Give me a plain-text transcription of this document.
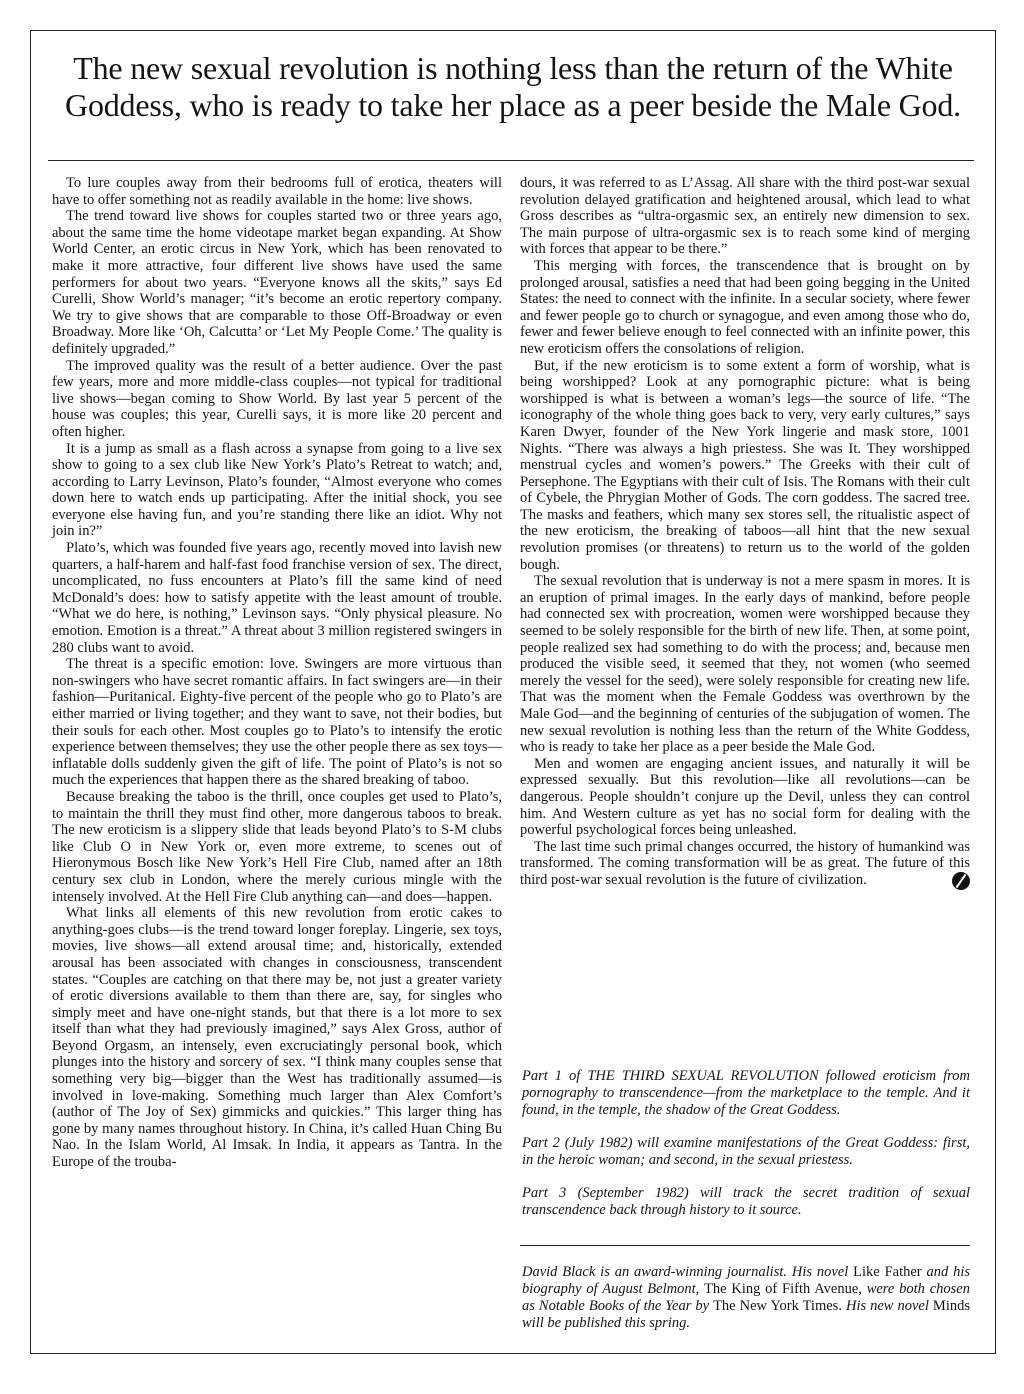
The new sexual revolution is nothing less than the return of the White Goddess, who is ready to take her place as a peer beside the Male God.

To lure couples away from their bedrooms full of erotica, theaters will have to offer something not as readily available in the home: live shows.

The trend toward live shows for couples started two or three years ago, about the same time the home videotape market began expanding. At Show World Center, an erotic circus in New York, which has been renovated to make it more attractive, four different live shows have used the same performers for about two years. “Everyone knows all the skits,” says Ed Curelli, Show World’s manager; “it’s become an erotic repertory company. We try to give shows that are comparable to those Off-Broadway or even Broadway. More like ‘Oh, Calcutta’ or ‘Let My People Come.’ The quality is definitely upgraded.”

The improved quality was the result of a better audience. Over the past few years, more and more middle-class couples—not typical for traditional live shows—began coming to Show World. By last year 5 percent of the house was couples; this year, Curelli says, it is more like 20 percent and often higher.

It is a jump as small as a flash across a synapse from going to a live sex show to going to a sex club like New York’s Plato’s Retreat to watch; and, according to Larry Levinson, Plato’s founder, “Almost everyone who comes down here to watch ends up participating. After the initial shock, you see everyone else having fun, and you’re standing there like an idiot. Why not join in?”

Plato’s, which was founded five years ago, recently moved into lavish new quarters, a half-harem and half-fast food franchise version of sex. The direct, uncomplicated, no fuss encounters at Plato’s fill the same kind of need McDonald’s does: how to satisfy appetite with the least amount of trouble. “What we do here, is nothing,” Levinson says. “Only physical pleasure. No emotion. Emotion is a threat.” A threat about 3 million registered swingers in 280 clubs want to avoid.

The threat is a specific emotion: love. Swingers are more virtuous than non-swingers who have secret romantic affairs. In fact swingers are—in their fashion—Puritanical. Eighty-five percent of the people who go to Plato’s are either married or living together; and they want to save, not their bodies, but their souls for each other. Most couples go to Plato’s to intensify the erotic experience between themselves; they use the other people there as sex toys—inflatable dolls suddenly given the gift of life. The point of Plato’s is not so much the experiences that happen there as the shared breaking of taboo.

Because breaking the taboo is the thrill, once couples get used to Plato’s, to maintain the thrill they must find other, more dangerous taboos to break. The new eroticism is a slippery slide that leads beyond Plato’s to S-M clubs like Club O in New York or, even more extreme, to scenes out of Hieronymous Bosch like New York’s Hell Fire Club, named after an 18th century sex club in London, where the merely curious mingle with the intensely involved. At the Hell Fire Club anything can—and does—happen.

What links all elements of this new revolution from erotic cakes to anything-goes clubs—is the trend toward longer foreplay. Lingerie, sex toys, movies, live shows—all extend arousal time; and, historically, extended arousal has been associated with changes in consciousness, transcendent states. “Couples are catching on that there may be, not just a greater variety of erotic diversions available to them than there are, say, for singles who simply meet and have one-night stands, but that there is a lot more to sex itself than what they had previously imagined,” says Alex Gross, author of Beyond Orgasm, an intensely, even excruciatingly personal book, which plunges into the history and sorcery of sex. “I think many couples sense that something very big—bigger than the West has traditionally assumed—is involved in love-making. Something much larger than Alex Comfort’s (author of The Joy of Sex) gimmicks and quickies.” This larger thing has gone by many names throughout history. In China, it’s called Huan Ching Bu Nao. In the Islam World, Al Imsak. In India, it appears as Tantra. In the Europe of the trouba-

dours, it was referred to as L’Assag. All share with the third post-war sexual revolution delayed gratification and heightened arousal, which lead to what Gross describes as “ultra-orgasmic sex, an entirely new dimension to sex. The main purpose of ultra-orgasmic sex is to reach some kind of merging with forces that appear to be there.”

This merging with forces, the transcendence that is brought on by prolonged arousal, satisfies a need that had been going begging in the United States: the need to connect with the infinite. In a secular society, where fewer and fewer people go to church or synagogue, and even among those who do, fewer and fewer believe enough to feel connected with an infinite power, this new eroticism offers the consolations of religion.

But, if the new eroticism is to some extent a form of worship, what is being worshipped? Look at any pornographic picture: what is being worshipped is what is between a woman’s legs—the source of life. “The iconography of the whole thing goes back to very, very early cultures,” says Karen Dwyer, founder of the New York lingerie and mask store, 1001 Nights. “There was always a high priestess. She was It. They worshipped menstrual cycles and women’s powers.” The Greeks with their cult of Persephone. The Egyptians with their cult of Isis. The Romans with their cult of Cybele, the Phrygian Mother of Gods. The corn goddess. The sacred tree. The masks and feathers, which many sex stores sell, the ritualistic aspect of the new eroticism, the breaking of taboos—all hint that the new sexual revolution promises (or threatens) to return us to the world of the golden bough.

The sexual revolution that is underway is not a mere spasm in mores. It is an eruption of primal images. In the early days of mankind, before people had connected sex with procreation, women were worshipped because they seemed to be solely responsible for the birth of new life. Then, at some point, people realized sex had something to do with the process; and, because men produced the visible seed, it seemed that they, not women (who seemed merely the vessel for the seed), were solely responsible for creating new life. That was the moment when the Female Goddess was overthrown by the Male God—and the beginning of centuries of the subjugation of women. The new sexual revolution is nothing less than the return of the White Goddess, who is ready to take her place as a peer beside the Male God.

Men and women are engaging ancient issues, and naturally it will be expressed sexually. But this revolution—like all revolutions—can be dangerous. People shouldn’t conjure up the Devil, unless they can control him. And Western culture as yet has no social form for dealing with the powerful psychological forces being unleashed.

The last time such primal changes occurred, the history of humankind was transformed. The coming transformation will be as great. The future of this third post-war sexual revolution is the future of civilization.

Part 1 of THE THIRD SEXUAL REVOLUTION followed eroticism from pornography to transcendence—from the marketplace to the temple. And it found, in the temple, the shadow of the Great Goddess.

Part 2 (July 1982) will examine manifestations of the Great Goddess: first, in the heroic woman; and second, in the sexual priestess.

Part 3 (September 1982) will track the secret tradition of sexual transcendence back through history to it source.

David Black is an award-winning journalist. His novel Like Father and his biography of August Belmont, The King of Fifth Avenue, were both chosen as Notable Books of the Year by The New York Times. His new novel Minds will be published this spring.
